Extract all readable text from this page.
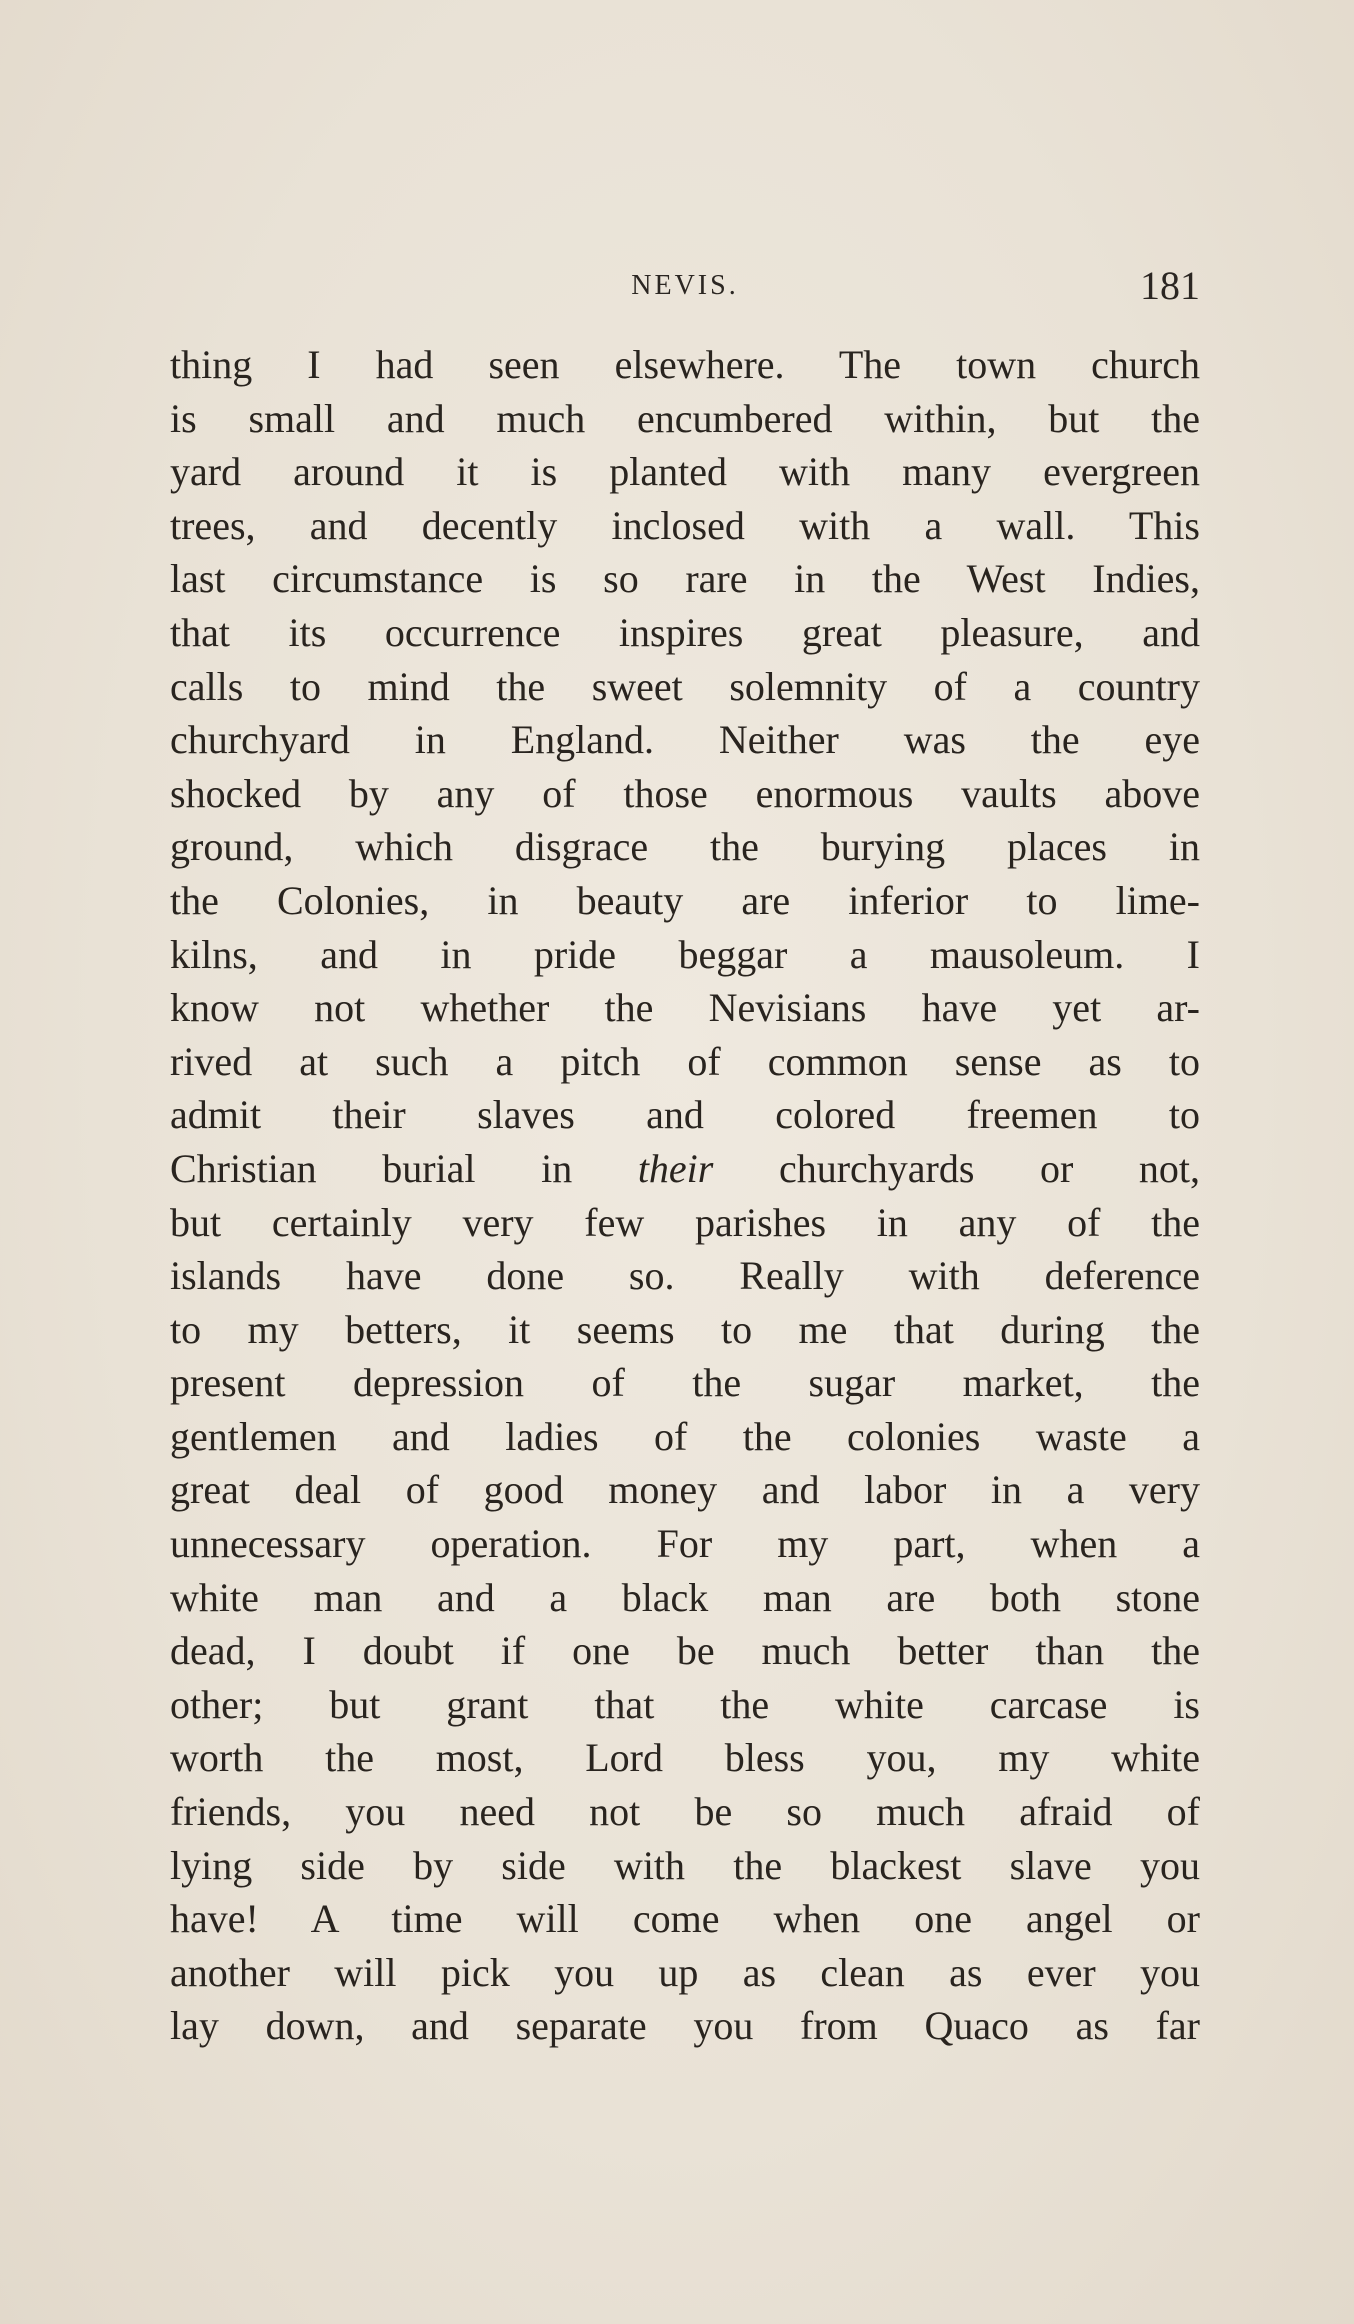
NEVIS.	181
thing I had seen elsewhere. The town church
is small and much encumbered within, but the
yard around it is planted with many evergreen
trees, and decently inclosed with a wall. This
last circumstance is so rare in the West Indies,
that its occurrence inspires great pleasure, and
calls to mind the sweet solemnity of a country
churchyard in England. Neither was the eye
shocked by any of those enormous vaults above
ground, which disgrace the burying places in
the Colonies, in beauty are inferior to lime-
kilns, and in pride beggar a mausoleum. I
know not whether the Nevisians have yet ar-
rived at such a pitch of common sense as to
admit their slaves and colored freemen to
Christian burial in their churchyards or not,
but certainly very few parishes in any of the
islands have done so. Really with deference
to my betters, it seems to me that during the
present depression of the sugar market, the
gentlemen and ladies of the colonies waste a
great deal of good money and labor in a very
unnecessary operation. For my part, when a
white man and a black man are both stone
dead, I doubt if one be much better than the
other; but grant that the white carcase is
worth the most, Lord bless you, my white
friends, you need not be so much afraid of
lying side by side with the blackest slave you
have! A time will come when one angel or
another will pick you up as clean as ever you
lay down, and separate you from Quaco as far
